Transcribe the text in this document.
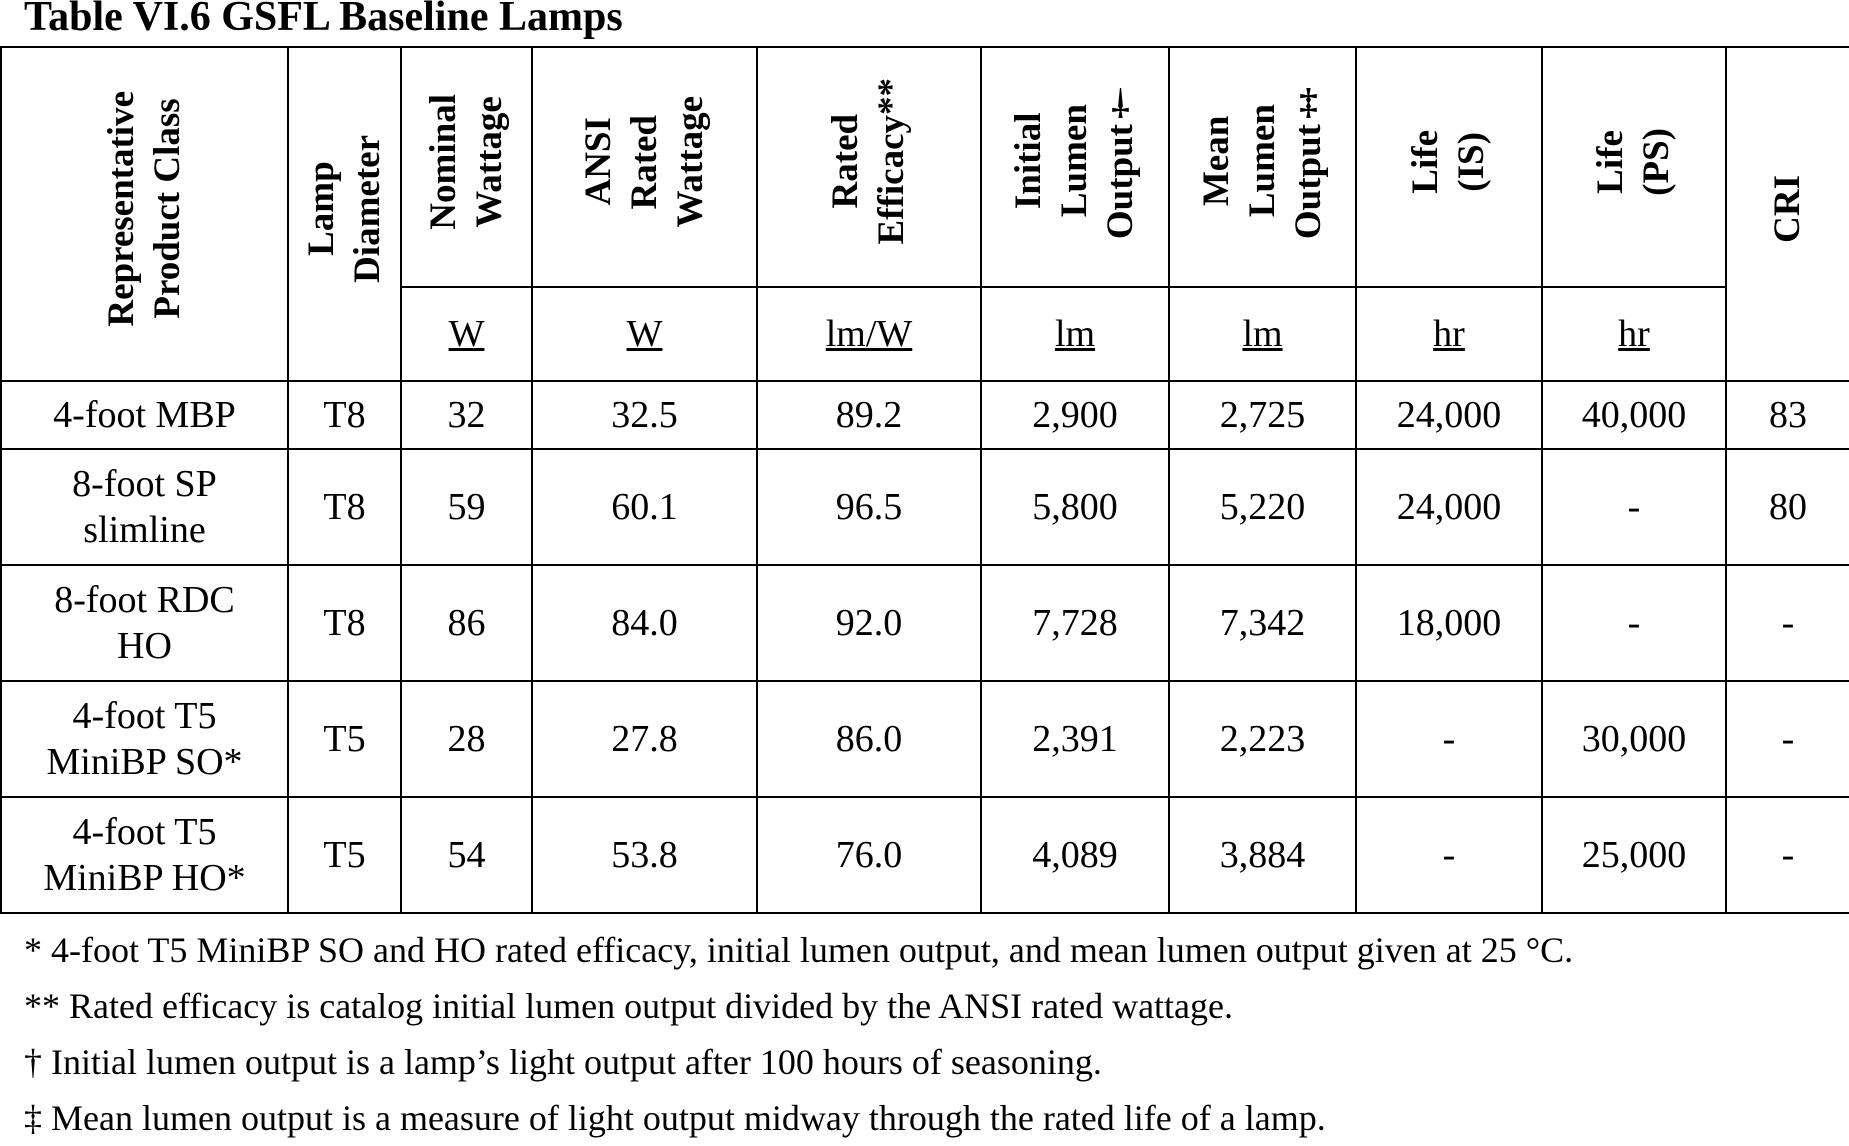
Table VI.6 GSFL Baseline Lamps
Representative
Product Class	Lamp
Diameter	Nominal
Wattage	ANSI
Rated
Wattage	Rated
Efficacy**	Initial
Lumen
Output†	Mean
Lumen
Output‡	Life
(IS)	Life
(PS)	CRI
		W	W	lm/W	lm	lm	hr	hr	
4-foot MBP	T8	32	32.5	89.2	2,900	2,725	24,000	40,000	83
8-foot SP
slimline	T8	59	60.1	96.5	5,800	5,220	24,000	-	80
8-foot RDC
HO	T8	86	84.0	92.0	7,728	7,342	18,000	-	-
4-foot T5
MiniBP SO*	T5	28	27.8	86.0	2,391	2,223	-	30,000	-
4-foot T5
MiniBP HO*	T5	54	53.8	76.0	4,089	3,884	-	25,000	-
* 4-foot T5 MiniBP SO and HO rated efficacy, initial lumen output, and mean lumen output given at 25 °C.
** Rated efficacy is catalog initial lumen output divided by the ANSI rated wattage.
† Initial lumen output is a lamp’s light output after 100 hours of seasoning.
‡ Mean lumen output is a measure of light output midway through the rated life of a lamp.
